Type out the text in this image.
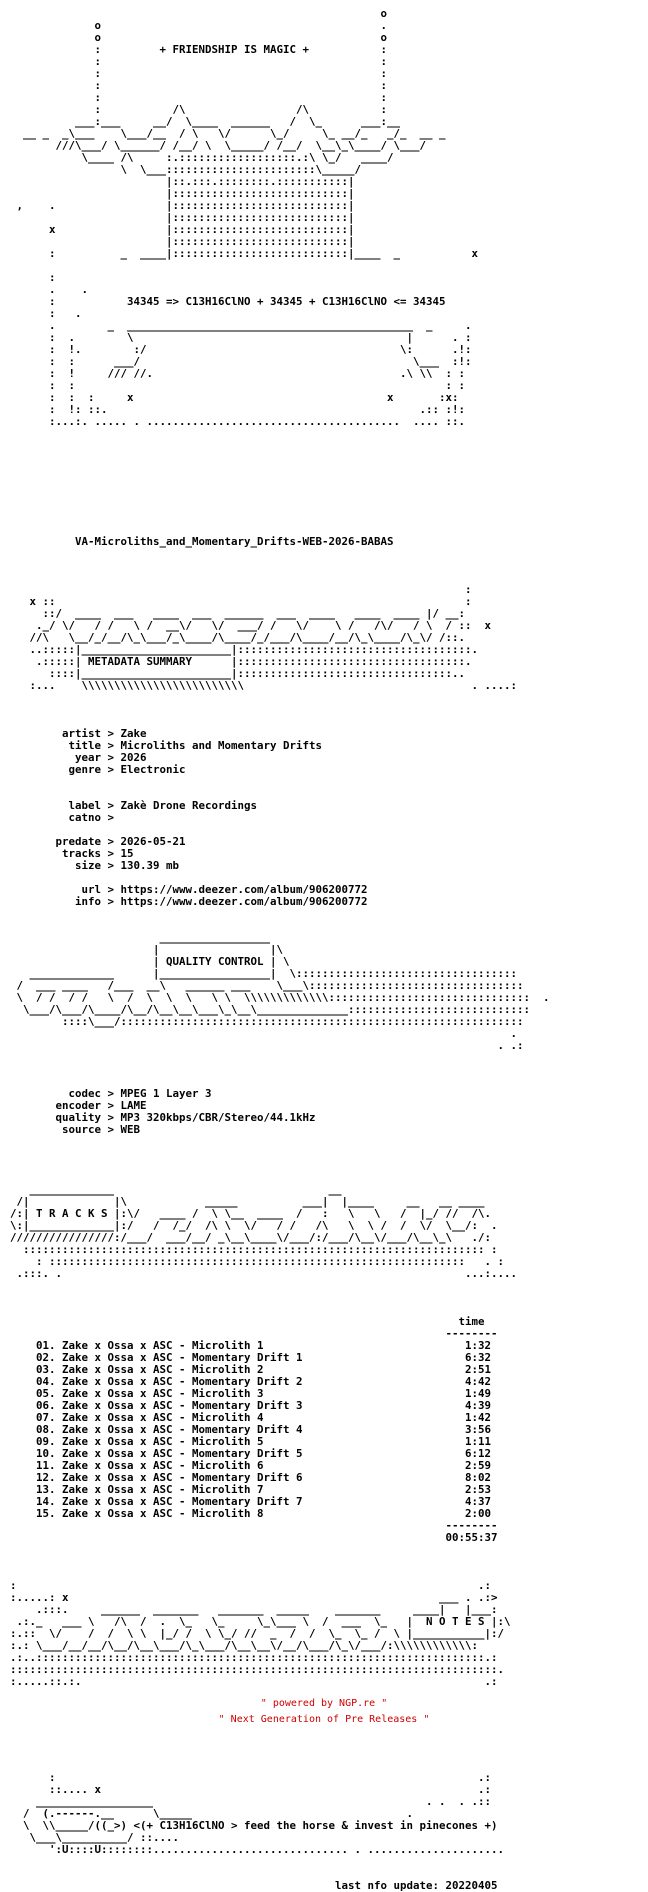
o
o                                           .
o                                           o
:         + FRIENDSHIP IS MAGIC +           :
:                                           :
:                                           :
:                                           :
:                                           :
:           /\                 /\           :
___:___     __/  \____  ______   /  \_      ___:__
__ _  _\___    \___/__  / \   \/      \_/     \_ __/_   _/_  __ _
///\___/ \______/ /__/ \  \_____/ /__/  \__\_\____/ \___/
\____ /\     :.::::::::::::::::::.:\ \_/   ____/
\  \___:::::::::::::::::::::::\_____/
|::.:::.::::::::.:::::::::::|
|:::::::::::::::::::::::::::|
,    .                 |:::::::::::::::::::::::::::|
|:::::::::::::::::::::::::::|
x                 |:::::::::::::::::::::::::::|
|:::::::::::::::::::::::::::|
:          _  ____|:::::::::::::::::::::::::::|____  _           x

:
.    .
:           34345 => C13H16ClNO + 34345 + C13H16ClNO <= 34345
:   .
.        _  ____________________________________________  _     .
:  .        \                                          |      . :
:  !.        :/                                       \:      .!:
:  :      ___/                                          \___  :!:
:  !     /// //.                                      .\ \\  : :
:  :                                                         : :
:  :  :     x                                       x       :x:
:  !: ::.                                                .:: :!:
:...:. ..... . .......................................  .... ::.

VA-Microliths_and_Momentary_Drifts-WEB-2026-BABAS

:
x ::                                                               :
::/  ____  ___   ____  ___  ______  ___  ____   ____  ____ |/ __:
._/ \/   / /   \ /  __\/   \/  ___/ /   \/    \ /   /\/   / \  / ::  x
//\   \__/_/__/\_\___/_\____/\____/_/___/\____/__/\_\____/\_\/ /::.
..:::::|_______________________|::::::::::::::::::::::::::::::::::::.
.:::::| METADATA SUMMARY      |:::::::::::::::::::::::::::::::::::.
::::|_______________________|:::::::::::::::::::::::::::::::::..
:...    \\\\\\\\\\\\\\\\\\\\\\\\\                                   . ....:

artist > Zake
title > Microliths and Momentary Drifts
year > 2026
genre > Electronic

label > Zakè Drone Recordings
catno >

predate > 2026-05-21
tracks > 15
size > 130.39 mb

url > https://www.deezer.com/album/906200772
info > https://www.deezer.com/album/906200772

_________________
|                 |\
| QUALITY CONTROL | \
_____________      |_________________|  \::::::::::::::::::::::::::::::::::
/  ___ ____   /___  __\   ______ ___    \___\:::::::::::::::::::::::::::::::::
\  / /  / /   \  /  \  \  \   \ \  \\\\\\\\\\\\\:::::::::::::::::::::::::::::::  .
\___/\___/\____/\__/\__\__\___\_\__\______________::::::::::::::::::::::::::::
::::\___/::::::::::::::::::::::::::::::::::::::::::::::::::::::::::::::
.
. .:

codec > MPEG 1 Layer 3
encoder > LAME
quality > MP3 320kbps/CBR/Stereo/44.1kHz
source > WEB

_____________                                 __
/|             |\            _____          ___|  |____     __   __ ____
/:| T R A C K S |:\/   ____ /  \ \__  ____  /   :   \   \   /  |_/ //  /\.
\:|_____________|:/   /  /_/  /\ \  \/   / /   /\   \  \ /  /  \/  \__/:  .
////////////////:/___/  ___/__/ _\__\____\/___/:/___/\__\/___/\__\_\   ./:
::::::::::::::::::::::::::::::::::::::::::::::::::::::::::::::::::::::: :
: ::::::::::::::::::::::::::::::::::::::::::::::::::::::::::::::::   . :
.:::. .                                                              ...:....

time
--------
01. Zake x Ossa x ASC - Microlith 1                               1:32
02. Zake x Ossa x ASC - Momentary Drift 1                         6:32
03. Zake x Ossa x ASC - Microlith 2                               2:51
04. Zake x Ossa x ASC - Momentary Drift 2                         4:42
05. Zake x Ossa x ASC - Microlith 3                               1:49
06. Zake x Ossa x ASC - Momentary Drift 3                         4:39
07. Zake x Ossa x ASC - Microlith 4                               1:42
08. Zake x Ossa x ASC - Momentary Drift 4                         3:56
09. Zake x Ossa x ASC - Microlith 5                               1:11
10. Zake x Ossa x ASC - Momentary Drift 5                         6:12
11. Zake x Ossa x ASC - Microlith 6                               2:59
12. Zake x Ossa x ASC - Momentary Drift 6                         8:02
13. Zake x Ossa x ASC - Microlith 7                               2:53
14. Zake x Ossa x ASC - Momentary Drift 7                         4:37
15. Zake x Ossa x ASC - Microlith 8                               2:00
--------
00:55:37

:                                                                       .:
:.....: x                                                         ___ . .:>
.:::.     ______  _______   _______  _____    _______     ____|   |___:
.:._   ___ \   /\  /  .  \_   \_     \_\___ \  /  ___  \_   |  N O T E S |:\
:.::  \/    /  /  \ \  |_/ /  \ \_/ //  _  /  /  \_  \_ /  \ |___________|:/
:.: \___/__/__/\__/\__\___/\_\___/\__\__\/__/\___/\_\/___/:\\\\\\\\\\\\:
.:..:::::::::::::::::::::::::::::::::::::::::::::::::::::::::::::::::::::.:
:::::::::::::::::::::::::::::::::::::::::::::::::::::::::::::::::::::::::::.
:.....::.:.                                                              .:

:                                                                 .:
::.... x                                                          .:
__________________                                          . .  . .::
/  (.------.__      \_____                                 .
\  \\_____/((_>) <(+ C13H16ClNO > feed the horse & invest in pinecones +)
\___\__________/ ::....
':U::::U::::::::.............................. . .....................

last nfo update: 20220405

" powered by NGP.re "
" Next Generation of Pre Releases "
